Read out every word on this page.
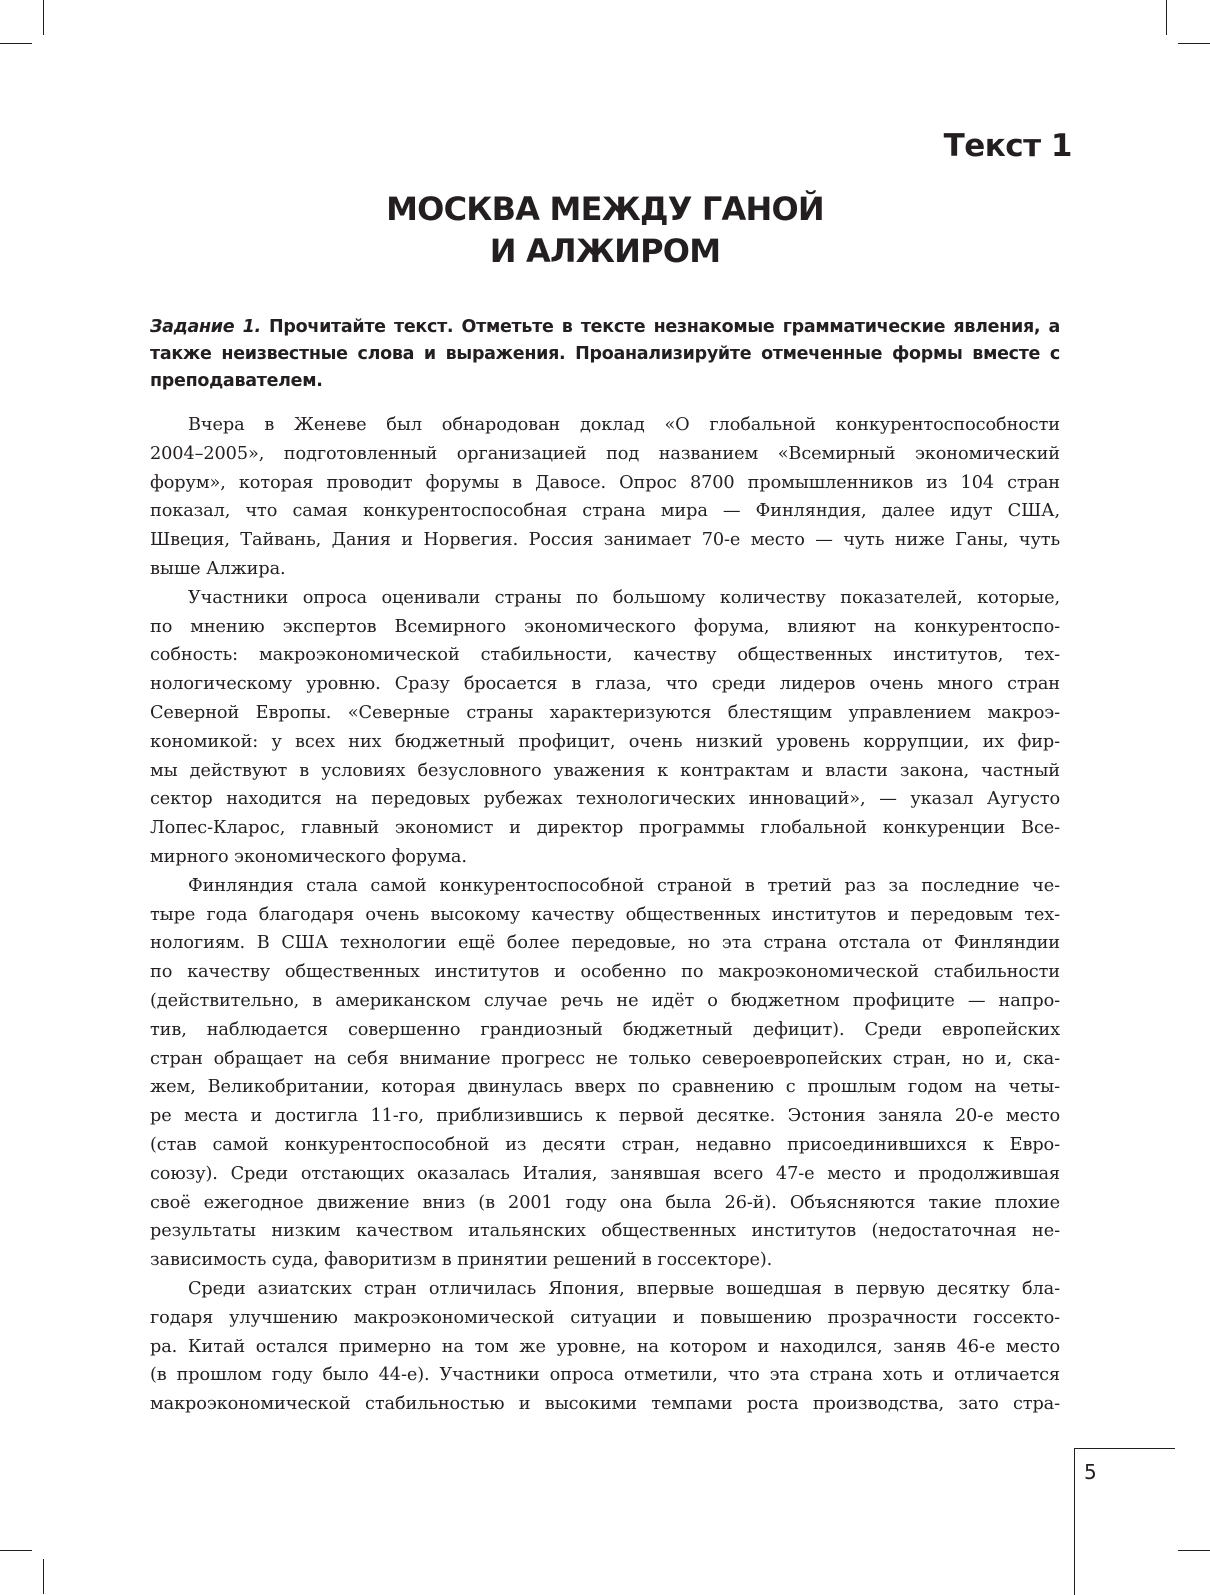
Текст 1
МОСКВА МЕЖДУ ГАНОЙ
И АЛЖИРОМ
Задание 1. Прочитайте текст. Отметьте в тексте незнакомые грамматические явления, а также неизвестные слова и выражения. Проанализируйте отмеченные формы вместе с преподавателем.
Вчера в Женеве был обнародован доклад «О глобальной конкурентоспособности
2004–2005», подготовленный организацией под названием «Всемирный экономический
форум», которая проводит форумы в Давосе. Опрос 8700 промышленников из 104 стран
показал, что самая конкурентоспособная страна мира — Финляндия, далее идут США,
Швеция, Тайвань, Дания и Норвегия. Россия занимает 70-е место — чуть ниже Ганы, чуть
выше Алжира.
Участники опроса оценивали страны по большому количеству показателей, которые,
по мнению экспертов Всемирного экономического форума, влияют на конкурентоспо-
собность: макроэкономической стабильности, качеству общественных институтов, тех-
нологическому уровню. Сразу бросается в глаза, что среди лидеров очень много стран
Северной Европы. «Северные страны характеризуются блестящим управлением макроэ-
кономикой: у всех них бюджетный профицит, очень низкий уровень коррупции, их фир-
мы действуют в условиях безусловного уважения к контрактам и власти закона, частный
сектор находится на передовых рубежах технологических инноваций», — указал Аугусто
Лопес-Кларос, главный экономист и директор программы глобальной конкуренции Все-
мирного экономического форума.
Финляндия стала самой конкурентоспособной страной в третий раз за последние че-
тыре года благодаря очень высокому качеству общественных институтов и передовым тех-
нологиям. В США технологии ещё более передовые, но эта страна отстала от Финляндии
по качеству общественных институтов и особенно по макроэкономической стабильности
(действительно, в американском случае речь не идёт о бюджетном профиците — напро-
тив, наблюдается совершенно грандиозный бюджетный дефицит). Среди европейских
стран обращает на себя внимание прогресс не только североевропейских стран, но и, ска-
жем, Великобритании, которая двинулась вверх по сравнению с прошлым годом на четы-
ре места и достигла 11-го, приблизившись к первой десятке. Эстония заняла 20-е место
(став самой конкурентоспособной из десяти стран, недавно присоединившихся к Евро-
союзу). Среди отстающих оказалась Италия, занявшая всего 47-е место и продолжившая
своё ежегодное движение вниз (в 2001 году она была 26-й). Объясняются такие плохие
результаты низким качеством итальянских общественных институтов (недостаточная не-
зависимость суда, фаворитизм в принятии решений в госсекторе).
Среди азиатских стран отличилась Япония, впервые вошедшая в первую десятку бла-
годаря улучшению макроэкономической ситуации и повышению прозрачности госсекто-
ра. Китай остался примерно на том же уровне, на котором и находился, заняв 46-е место
(в прошлом году было 44-е). Участники опроса отметили, что эта страна хоть и отличается
макроэкономической стабильностью и высокими темпами роста производства, зато стра-
5
